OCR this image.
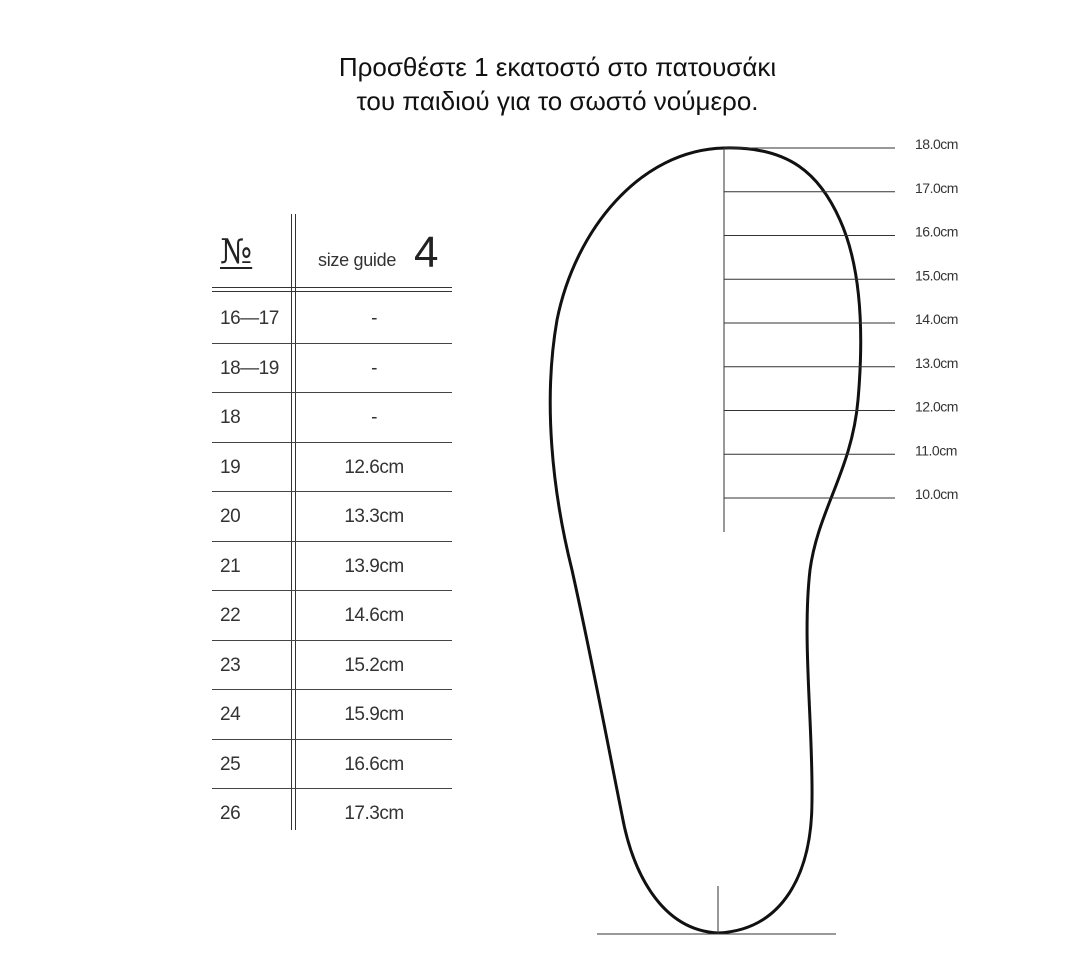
Προσθέστε 1 εκατοστό στο πατουσάκι
του παιδιού για το σωστό νούμερο.
№	size guide 4
16—17	-
18—19	-
18	-
19	12.6cm
20	13.3cm
21	13.9cm
22	14.6cm
23	15.2cm
24	15.9cm
25	16.6cm
26	17.3cm
18.0cm
17.0cm
16.0cm
15.0cm
14.0cm
13.0cm
12.0cm
11.0cm
10.0cm
